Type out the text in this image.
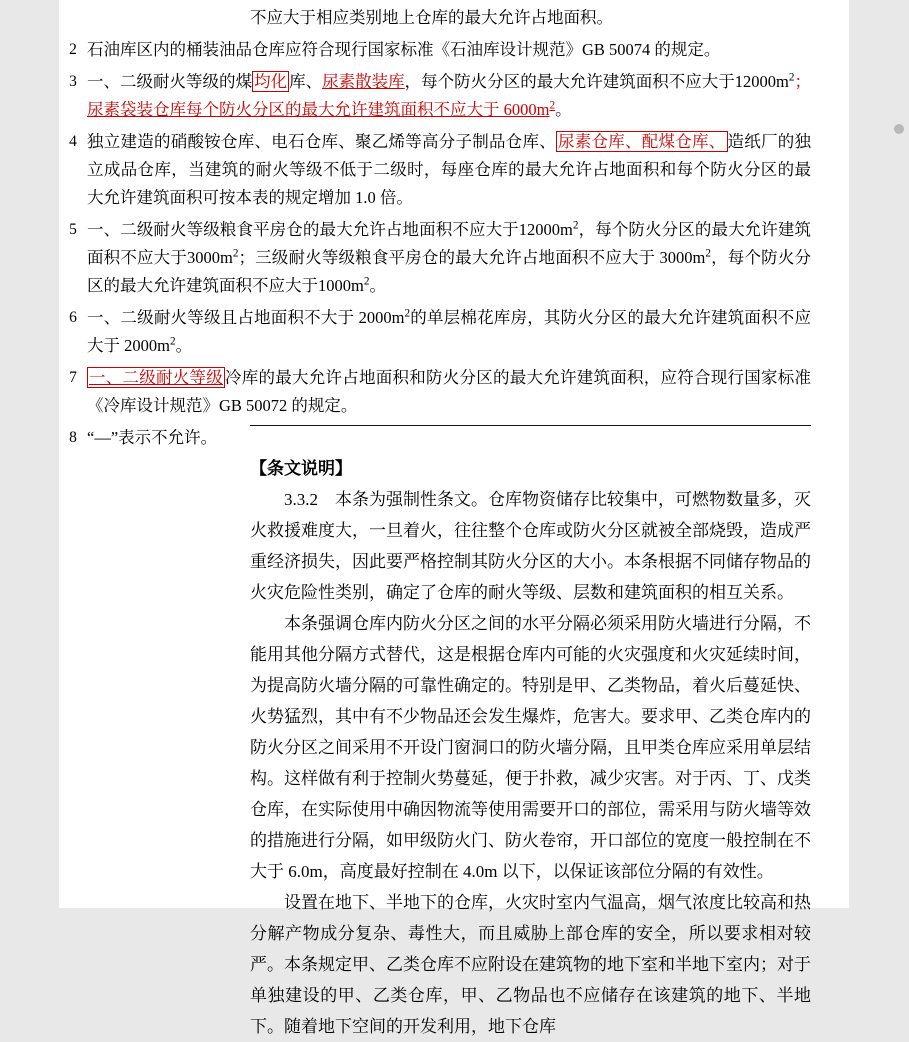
不应大于相应类别地上仓库的最大允许占地面积。
2 石油库区内的桶装油品仓库应符合现行国家标准《石油库设计规范》GB 50074 的规定。
3 一、二级耐火等级的煤 均化 库、尿素散装库，每个防火分区的最大允许建筑面积不应大于$12000m^2$；尿素袋装仓库每个防火分区的最大允许建筑面积不应大于 $6000m^2$。
4 独立建造的硝酸铵仓库、电石仓库、聚乙烯等高分子制品仓库、 尿素仓库、配煤仓库、 造纸厂的独立成品仓库，当建筑的耐火等级不低于二级时，每座仓库的最大允许占地面积和每个防火分区的最大允许建筑面积可按本表的规定增加 1.0 倍。
5 一、二级耐火等级粮食平房仓的最大允许占地面积不应大于$12000m^2$，每个防火分区的最大允许建筑面积不应大于$3000m^2$；三级耐火等级粮食平房仓的最大允许占地面积不应大于 $3000m^2$，每个防火分区的最大允许建筑面积不应大于$1000m^2$。
6 一、二级耐火等级且占地面积不大于 $2000m^2$的单层棉花库房，其防火分区的最大允许建筑面积不应大于 $2000m^2$。
7 一、二级耐火等级 冷库的最大允许占地面积和防火分区的最大允许建筑面积，应符合现行国家标准《冷库设计规范》GB 50072 的规定。
8 “—”表示不允许。
【条文说明】
3.3.2　本条为强制性条文。仓库物资储存比较集中，可燃物数量多，灭火救援难度大，一旦着火，往往整个仓库或防火分区就被全部烧毁，造成严重经济损失，因此要严格控制其防火分区的大小。本条根据不同储存物品的火灾危险性类别，确定了仓库的耐火等级、层数和建筑面积的相互关系。
本条强调仓库内防火分区之间的水平分隔必须采用防火墙进行分隔，不能用其他分隔方式替代，这是根据仓库内可能的火灾强度和火灾延续时间，为提高防火墙分隔的可靠性确定的。特别是甲、乙类物品，着火后蔓延快、火势猛烈，其中有不少物品还会发生爆炸，危害大。要求甲、乙类仓库内的防火分区之间采用不开设门窗洞口的防火墙分隔，且甲类仓库应采用单层结构。这样做有利于控制火势蔓延，便于扑救，减少灾害。对于丙、丁、戊类仓库，在实际使用中确因物流等使用需要开口的部位，需采用与防火墙等效的措施进行分隔，如甲级防火门、防火卷帘，开口部位的宽度一般控制在不大于 6.0m，高度最好控制在 4.0m 以下，以保证该部位分隔的有效性。
设置在地下、半地下的仓库，火灾时室内气温高，烟气浓度比较高和热分解产物成分复杂、毒性大，而且威胁上部仓库的安全，所以要求相对较严。本条规定甲、乙类仓库不应附设在建筑物的地下室和半地下室内；对于单独建设的甲、乙类仓库，甲、乙物品也不应储存在该建筑的地下、半地下。随着地下空间的开发利用，地下仓库
